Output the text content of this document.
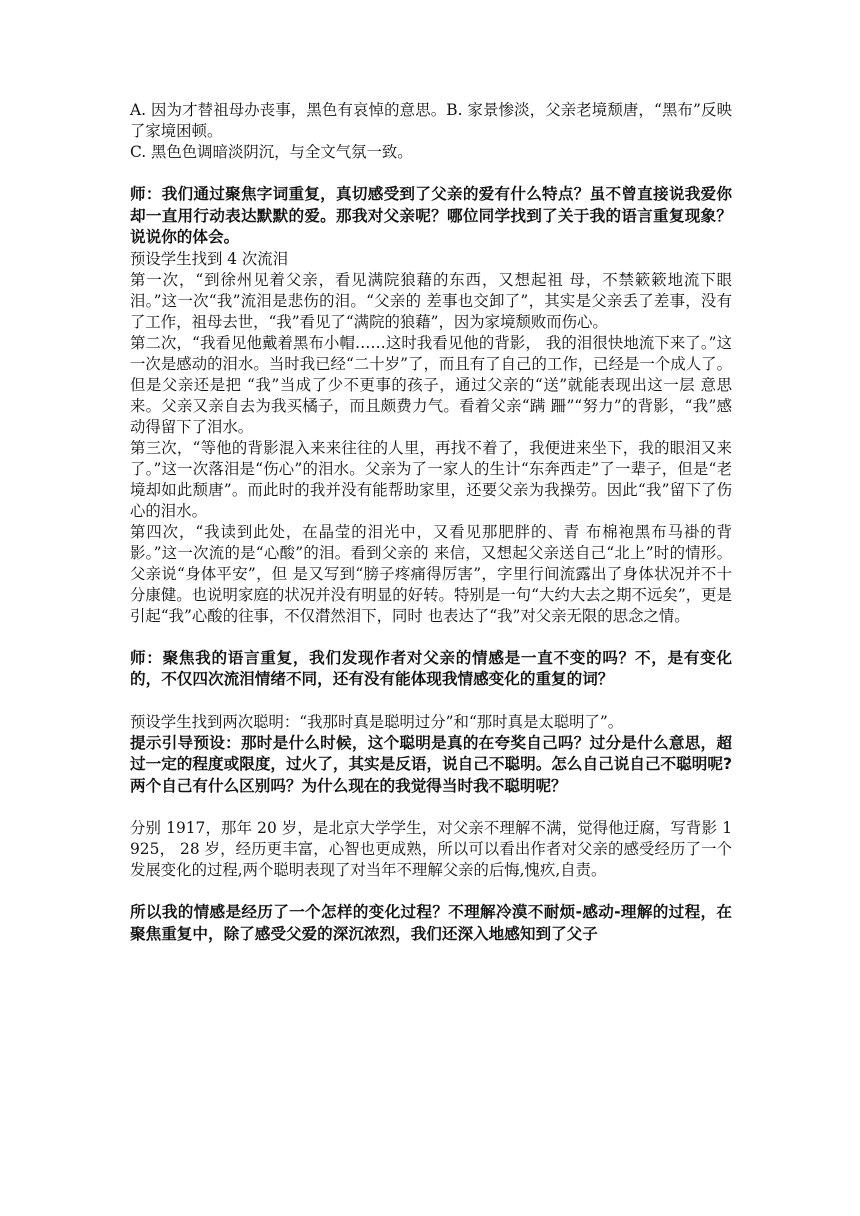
A. 因为才替祖母办丧事，黑色有哀悼的意思。B. 家景惨淡，父亲老境颓唐，“黑布”反映了家境困顿。

C. 黑色色调暗淡阴沉，与全文气氛一致。

师：我们通过聚焦字词重复，真切感受到了父亲的爱有什么特点？虽不曾直接说我爱你却一直用行动表达默默的爱。那我对父亲呢？哪位同学找到了关于我的语言重复现象？说说你的体会。

预设学生找到 4 次流泪

第一次，“到徐州见着父亲，看见满院狼藉的东西，又想起祖 母，不禁簌簌地流下眼泪。”这一次“我”流泪是悲伤的泪。“父亲的 差事也交卸了”，其实是父亲丢了差事，没有了工作，祖母去世，“我”看见了“满院的狼藉”，因为家境颓败而伤心。

第二次，“我看见他戴着黑布小帽……这时我看见他的背影， 我的泪很快地流下来了。”这一次是感动的泪水。当时我已经“二十岁”了，而且有了自己的工作，已经是一个成人了。但是父亲还是把 “我”当成了少不更事的孩子，通过父亲的“送”就能表现出这一层 意思来。父亲又亲自去为我买橘子，而且颇费力气。看着父亲“蹒 跚”“努力”的背影，“我”感动得留下了泪水。

第三次，“等他的背影混入来来往往的人里，再找不着了，我便进来坐下，我的眼泪又来了。”这一次落泪是“伤心”的泪水。父亲为了一家人的生计“东奔西走”了一辈子，但是“老境却如此颓唐”。而此时的我并没有能帮助家里，还要父亲为我操劳。因此“我”留下了伤心的泪水。

第四次，“我读到此处，在晶莹的泪光中，又看见那肥胖的、青 布棉袍黑布马褂的背影。”这一次流的是“心酸”的泪。看到父亲的 来信，又想起父亲送自己“北上”时的情形。父亲说“身体平安”，但 是又写到“膀子疼痛得厉害”，字里行间流露出了身体状况并不十 分康健。也说明家庭的状况并没有明显的好转。特别是一句“大约大去之期不远矣”，更是引起“我”心酸的往事，不仅潸然泪下，同时 也表达了“我”对父亲无限的思念之情。

师：聚焦我的语言重复，我们发现作者对父亲的情感是一直不变的吗？不，是有变化的，不仅四次流泪情绪不同，还有没有能体现我情感变化的重复的词？

预设学生找到两次聪明：“我那时真是聪明过分”和“那时真是太聪明了”。

提示引导预设：那时是什么时候，这个聪明是真的在夸奖自己吗？过分是什么意思，超过一定的程度或限度，过火了，其实是反语，说自己不聪明。怎么自己说自己不聪明呢?两个自己有什么区别吗？为什么现在的我觉得当时我不聪明呢？

分别 1917，那年 20 岁，是北京大学学生，对父亲不理解不满，觉得他迂腐，写背影 1925， 28 岁，经历更丰富，心智也更成熟，所以可以看出作者对父亲的感受经历了一个发展变化的过程,两个聪明表现了对当年不理解父亲的后悔,愧疚,自责。

所以我的情感是经历了一个怎样的变化过程？不理解冷漠不耐烦-感动-理解的过程，在聚焦重复中，除了感受父爱的深沉浓烈，我们还深入地感知到了父子
